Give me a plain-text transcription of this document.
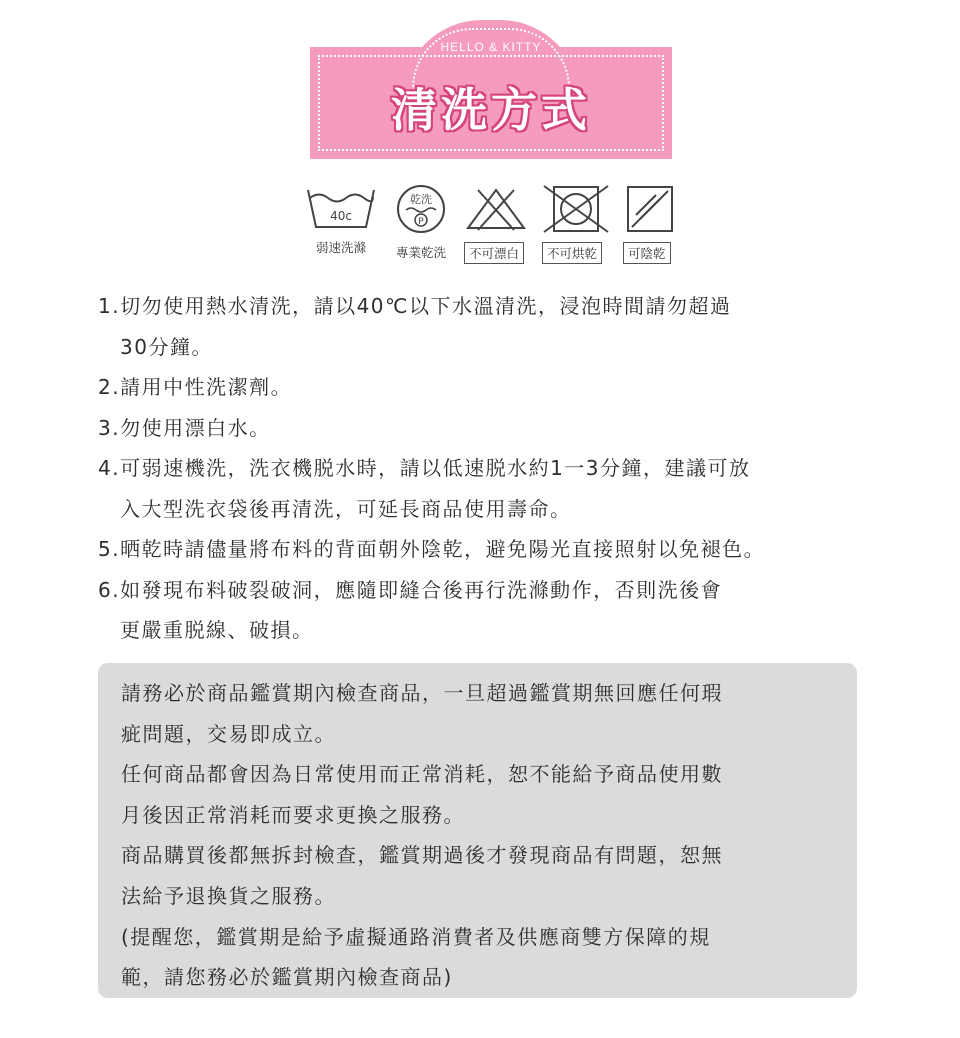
HELLO & KITTY
清洗方式
40c
弱速洗滌
乾洗
P
專業乾洗	不可漂白	不可烘乾	可陰乾
1.切勿使用熱水清洗，請以40℃以下水溫清洗，浸泡時間請勿超過
30分鐘。
2.請用中性洗潔劑。
3.勿使用漂白水。
4.可弱速機洗，洗衣機脱水時，請以低速脱水約1一3分鐘，建議可放
入大型洗衣袋後再清洗，可延長商品使用壽命。
5.晒乾時請儘量將布料的背面朝外陰乾，避免陽光直接照射以免褪色。
6.如發現布料破裂破洞，應隨即縫合後再行洗滌動作，否則洗後會
更嚴重脱線、破損。
請務必於商品鑑賞期內檢查商品，一旦超過鑑賞期無回應任何瑕
疵問題，交易即成立。
任何商品都會因為日常使用而正常消耗，恕不能給予商品使用數
月後因正常消耗而要求更換之服務。
商品購買後都無拆封檢查，鑑賞期過後才發現商品有問題，恕無
法給予退換貨之服務。
(提醒您，鑑賞期是給予虛擬通路消費者及供應商雙方保障的規
範，請您務必於鑑賞期內檢查商品)
